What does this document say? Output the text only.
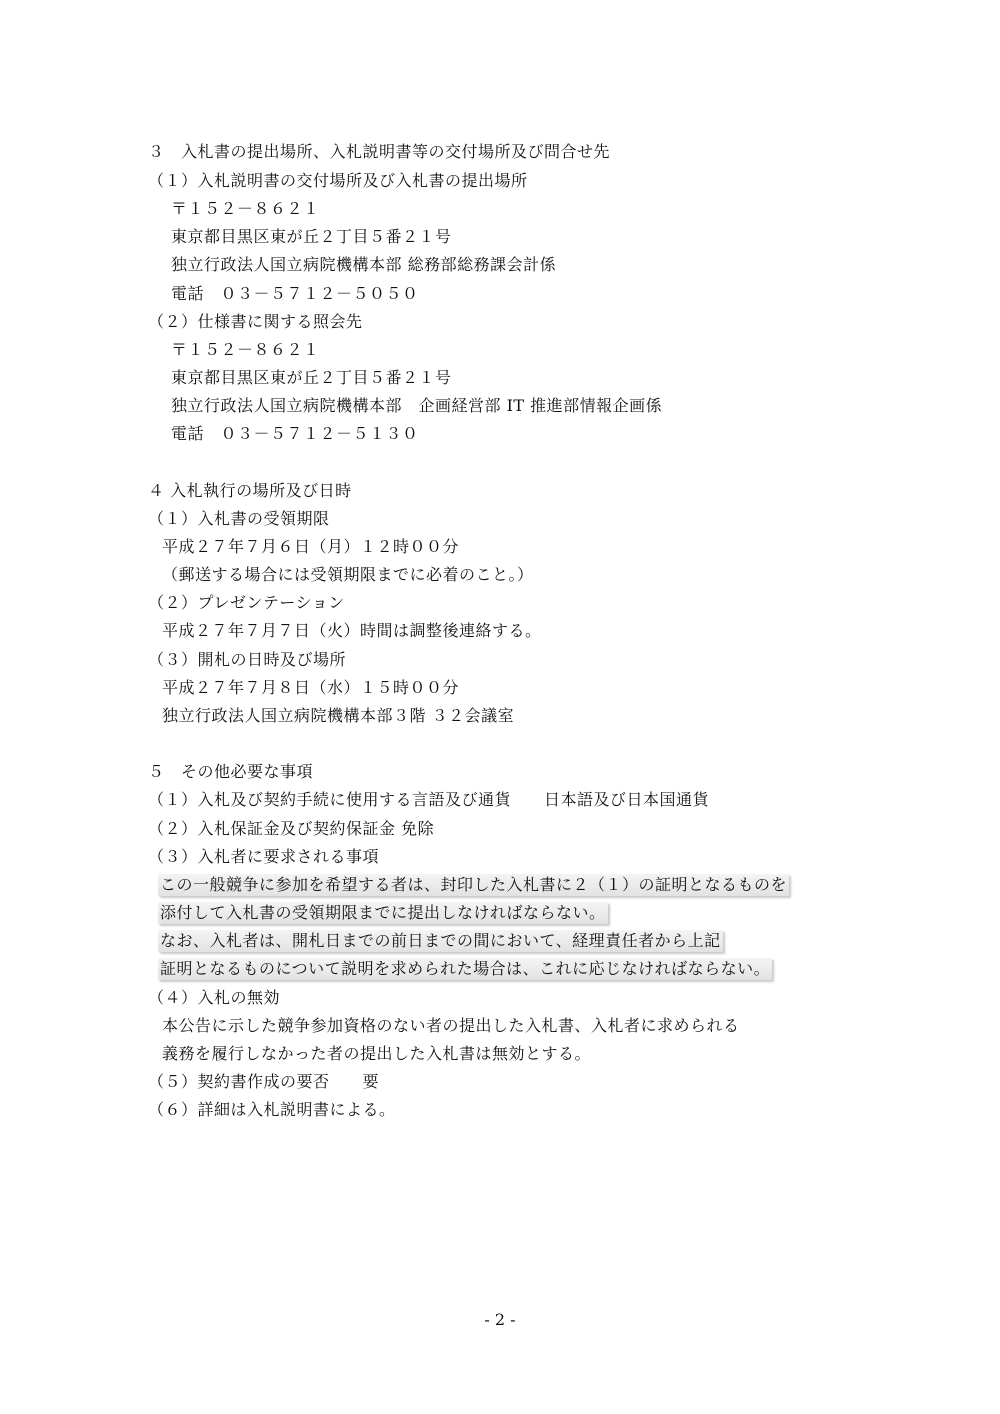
３　入札書の提出場所、入札説明書等の交付場所及び問合せ先
（１）入札説明書の交付場所及び入札書の提出場所
〒１５２－８６２１
東京都目黒区東が丘２丁目５番２１号
独立行政法人国立病院機構本部 総務部総務課会計係
電話　０３－５７１２－５０５０
（２）仕様書に関する照会先
〒１５２－８６２１
東京都目黒区東が丘２丁目５番２１号
独立行政法人国立病院機構本部　企画経営部 IT 推進部情報企画係
電話　０３－５７１２－５１３０
４ 入札執行の場所及び日時
（１）入札書の受領期限
平成２７年７月６日（月）１２時００分
（郵送する場合には受領期限までに必着のこと。）
（２）プレゼンテーション
平成２７年７月７日（火）時間は調整後連絡する。
（３）開札の日時及び場所
平成２７年７月８日（水）１５時００分
独立行政法人国立病院機構本部３階 ３２会議室
５　その他必要な事項
（１）入札及び契約手続に使用する言語及び通貨　　日本語及び日本国通貨
（２）入札保証金及び契約保証金 免除
（３）入札者に要求される事項
この一般競争に参加を希望する者は、封印した入札書に２（１）の証明となるものを
添付して入札書の受領期限までに提出しなければならない。
なお、入札者は、開札日までの前日までの間において、経理責任者から上記
証明となるものについて説明を求められた場合は、これに応じなければならない。
（４）入札の無効
本公告に示した競争参加資格のない者の提出した入札書、入札者に求められる
義務を履行しなかった者の提出した入札書は無効とする。
（５）契約書作成の要否　　要
（６）詳細は入札説明書による。
- 2 -
